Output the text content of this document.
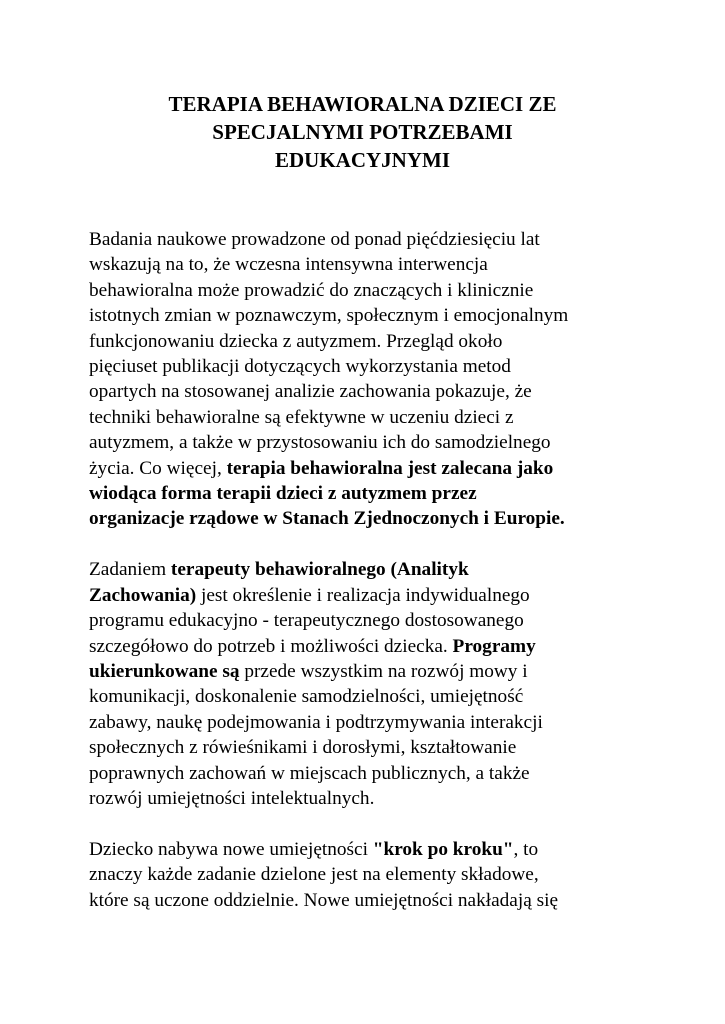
TERAPIA BEHAWIORALNA DZIECI ZE
SPECJALNYMI POTRZEBAMI
EDUKACYJNYMI

Badania naukowe prowadzone od ponad pięćdziesięciu lat
wskazują na to, że wczesna intensywna interwencja
behawioralna może prowadzić do znaczących i klinicznie
istotnych zmian w poznawczym, społecznym i emocjonalnym
funkcjonowaniu dziecka z autyzmem. Przegląd około
pięciuset publikacji dotyczących wykorzystania metod
opartych na stosowanej analizie zachowania pokazuje, że
techniki behawioralne są efektywne w uczeniu dzieci z
autyzmem, a także w przystosowaniu ich do samodzielnego
życia. Co więcej, terapia behawioralna jest zalecana jako
wiodąca forma terapii dzieci z autyzmem przez
organizacje rządowe w Stanach Zjednoczonych i Europie.

Zadaniem terapeuty behawioralnego (Analityk
Zachowania) jest określenie i realizacja indywidualnego
programu edukacyjno - terapeutycznego dostosowanego
szczegółowo do potrzeb i możliwości dziecka. Programy
ukierunkowane są przede wszystkim na rozwój mowy i
komunikacji, doskonalenie samodzielności, umiejętność
zabawy, naukę podejmowania i podtrzymywania interakcji
społecznych z rówieśnikami i dorosłymi, kształtowanie
poprawnych zachowań w miejscach publicznych, a także
rozwój umiejętności intelektualnych.

Dziecko nabywa nowe umiejętności "krok po kroku", to
znaczy każde zadanie dzielone jest na elementy składowe,
które są uczone oddzielnie. Nowe umiejętności nakładają się
